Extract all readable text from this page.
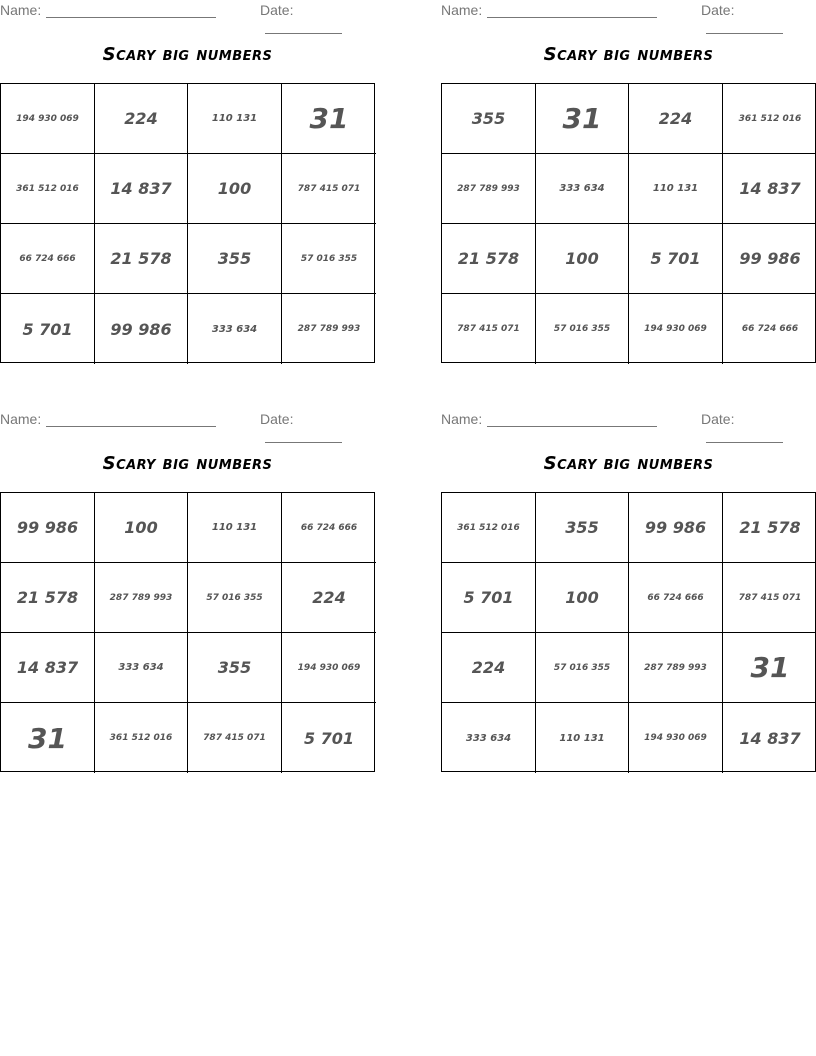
Name:	Date:
Scary big numbers
194 930 069	224	110 131	31
361 512 016	14 837	100	787 415 071
66 724 666	21 578	355	57 016 355
5 701	99 986	333 634	287 789 993
Name:	Date:
Scary big numbers
355	31	224	361 512 016
287 789 993	333 634	110 131	14 837
21 578	100	5 701	99 986
787 415 071	57 016 355	194 930 069	66 724 666
Name:	Date:
Scary big numbers
99 986	100	110 131	66 724 666
21 578	287 789 993	57 016 355	224
14 837	333 634	355	194 930 069
31	361 512 016	787 415 071	5 701
Name:	Date:
Scary big numbers
361 512 016	355	99 986	21 578
5 701	100	66 724 666	787 415 071
224	57 016 355	287 789 993	31
333 634	110 131	194 930 069	14 837
